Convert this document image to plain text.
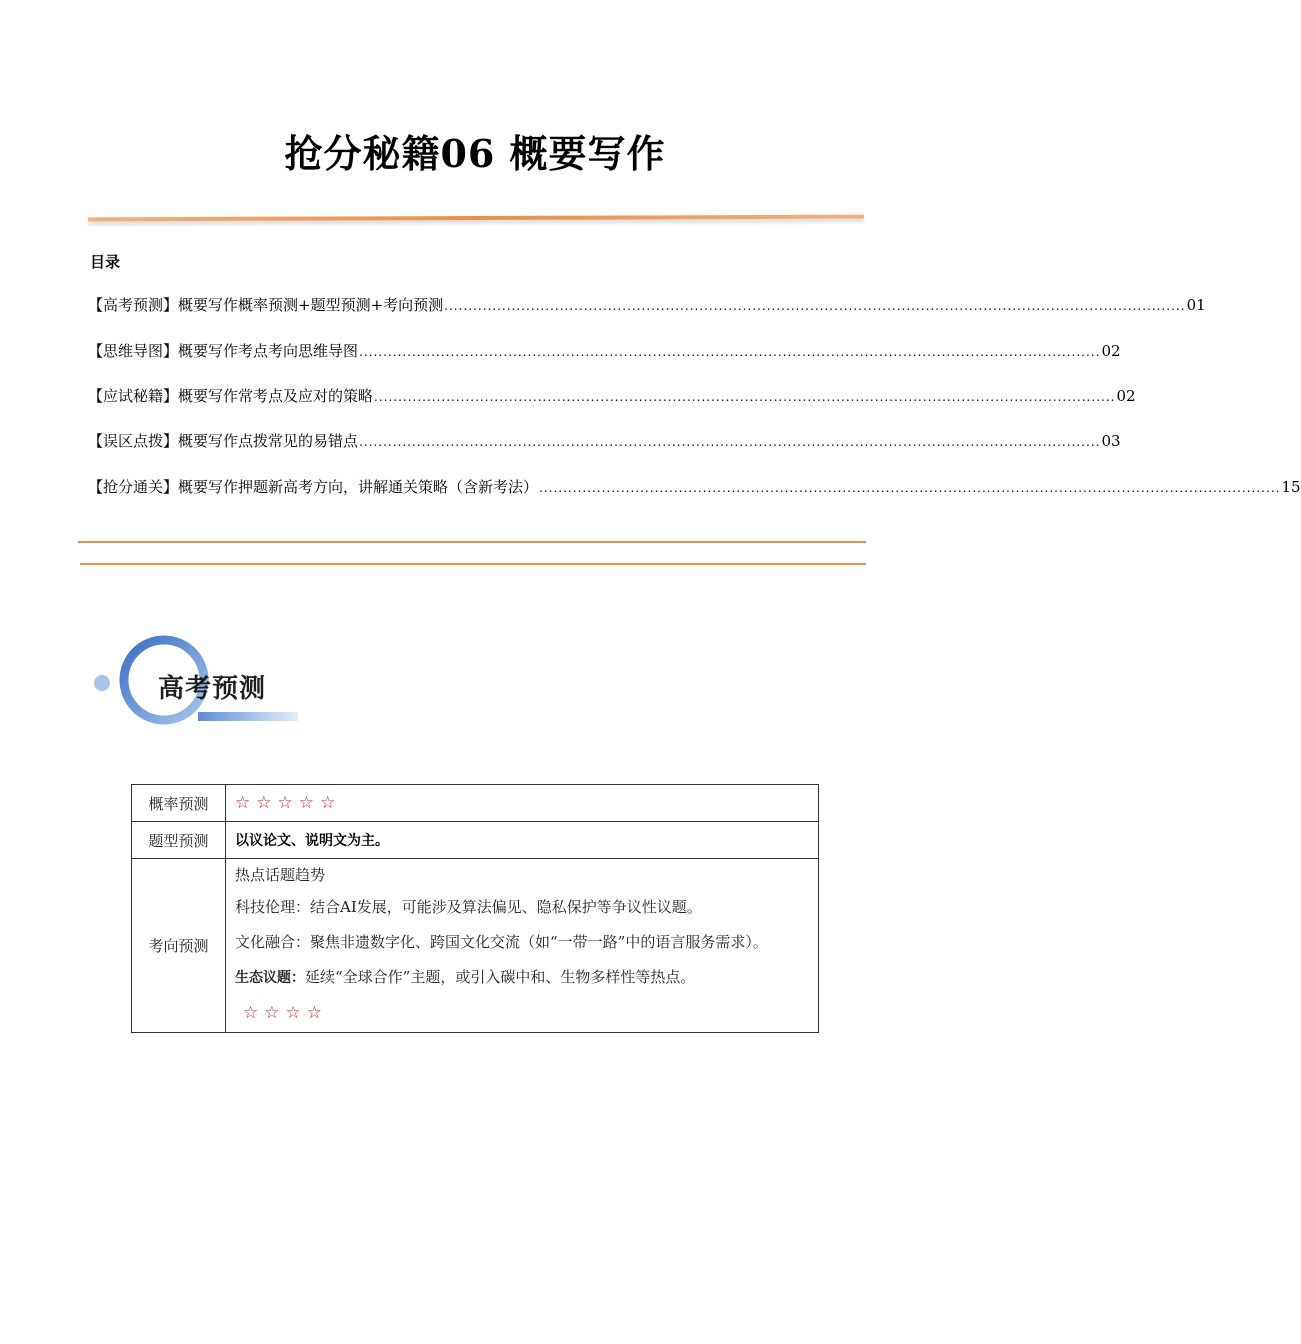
抢分秘籍06 概要写作
目录
【高考预测】概要写作概率预测+题型预测+考向预测 .......................................................................................................................................................... 01
【思维导图】概要写作考点考向思维导图 .......................................................................................................................................................... 02
【应试秘籍】概要写作常考点及应对的策略 .......................................................................................................................................................... 02
【误区点拨】概要写作点拨常见的易错点 .......................................................................................................................................................... 03
【抢分通关】概要写作押题新高考方向，讲解通关策略（含新考法） .......................................................................................................................................................... 15
高考预测
概率预测	☆☆☆☆☆
题型预测	以议论文、说明文为主。
考向预测	热点话题趋势

科技伦理：结合AI发展，可能涉及算法偏见、隐私保护等争议性议题。

文化融合：聚焦非遗数字化、跨国文化交流（如“一带一路”中的语言服务需求）。

生态议题：延续“全球合作”主题，或引入碳中和、生物多样性等热点。

☆☆☆☆
